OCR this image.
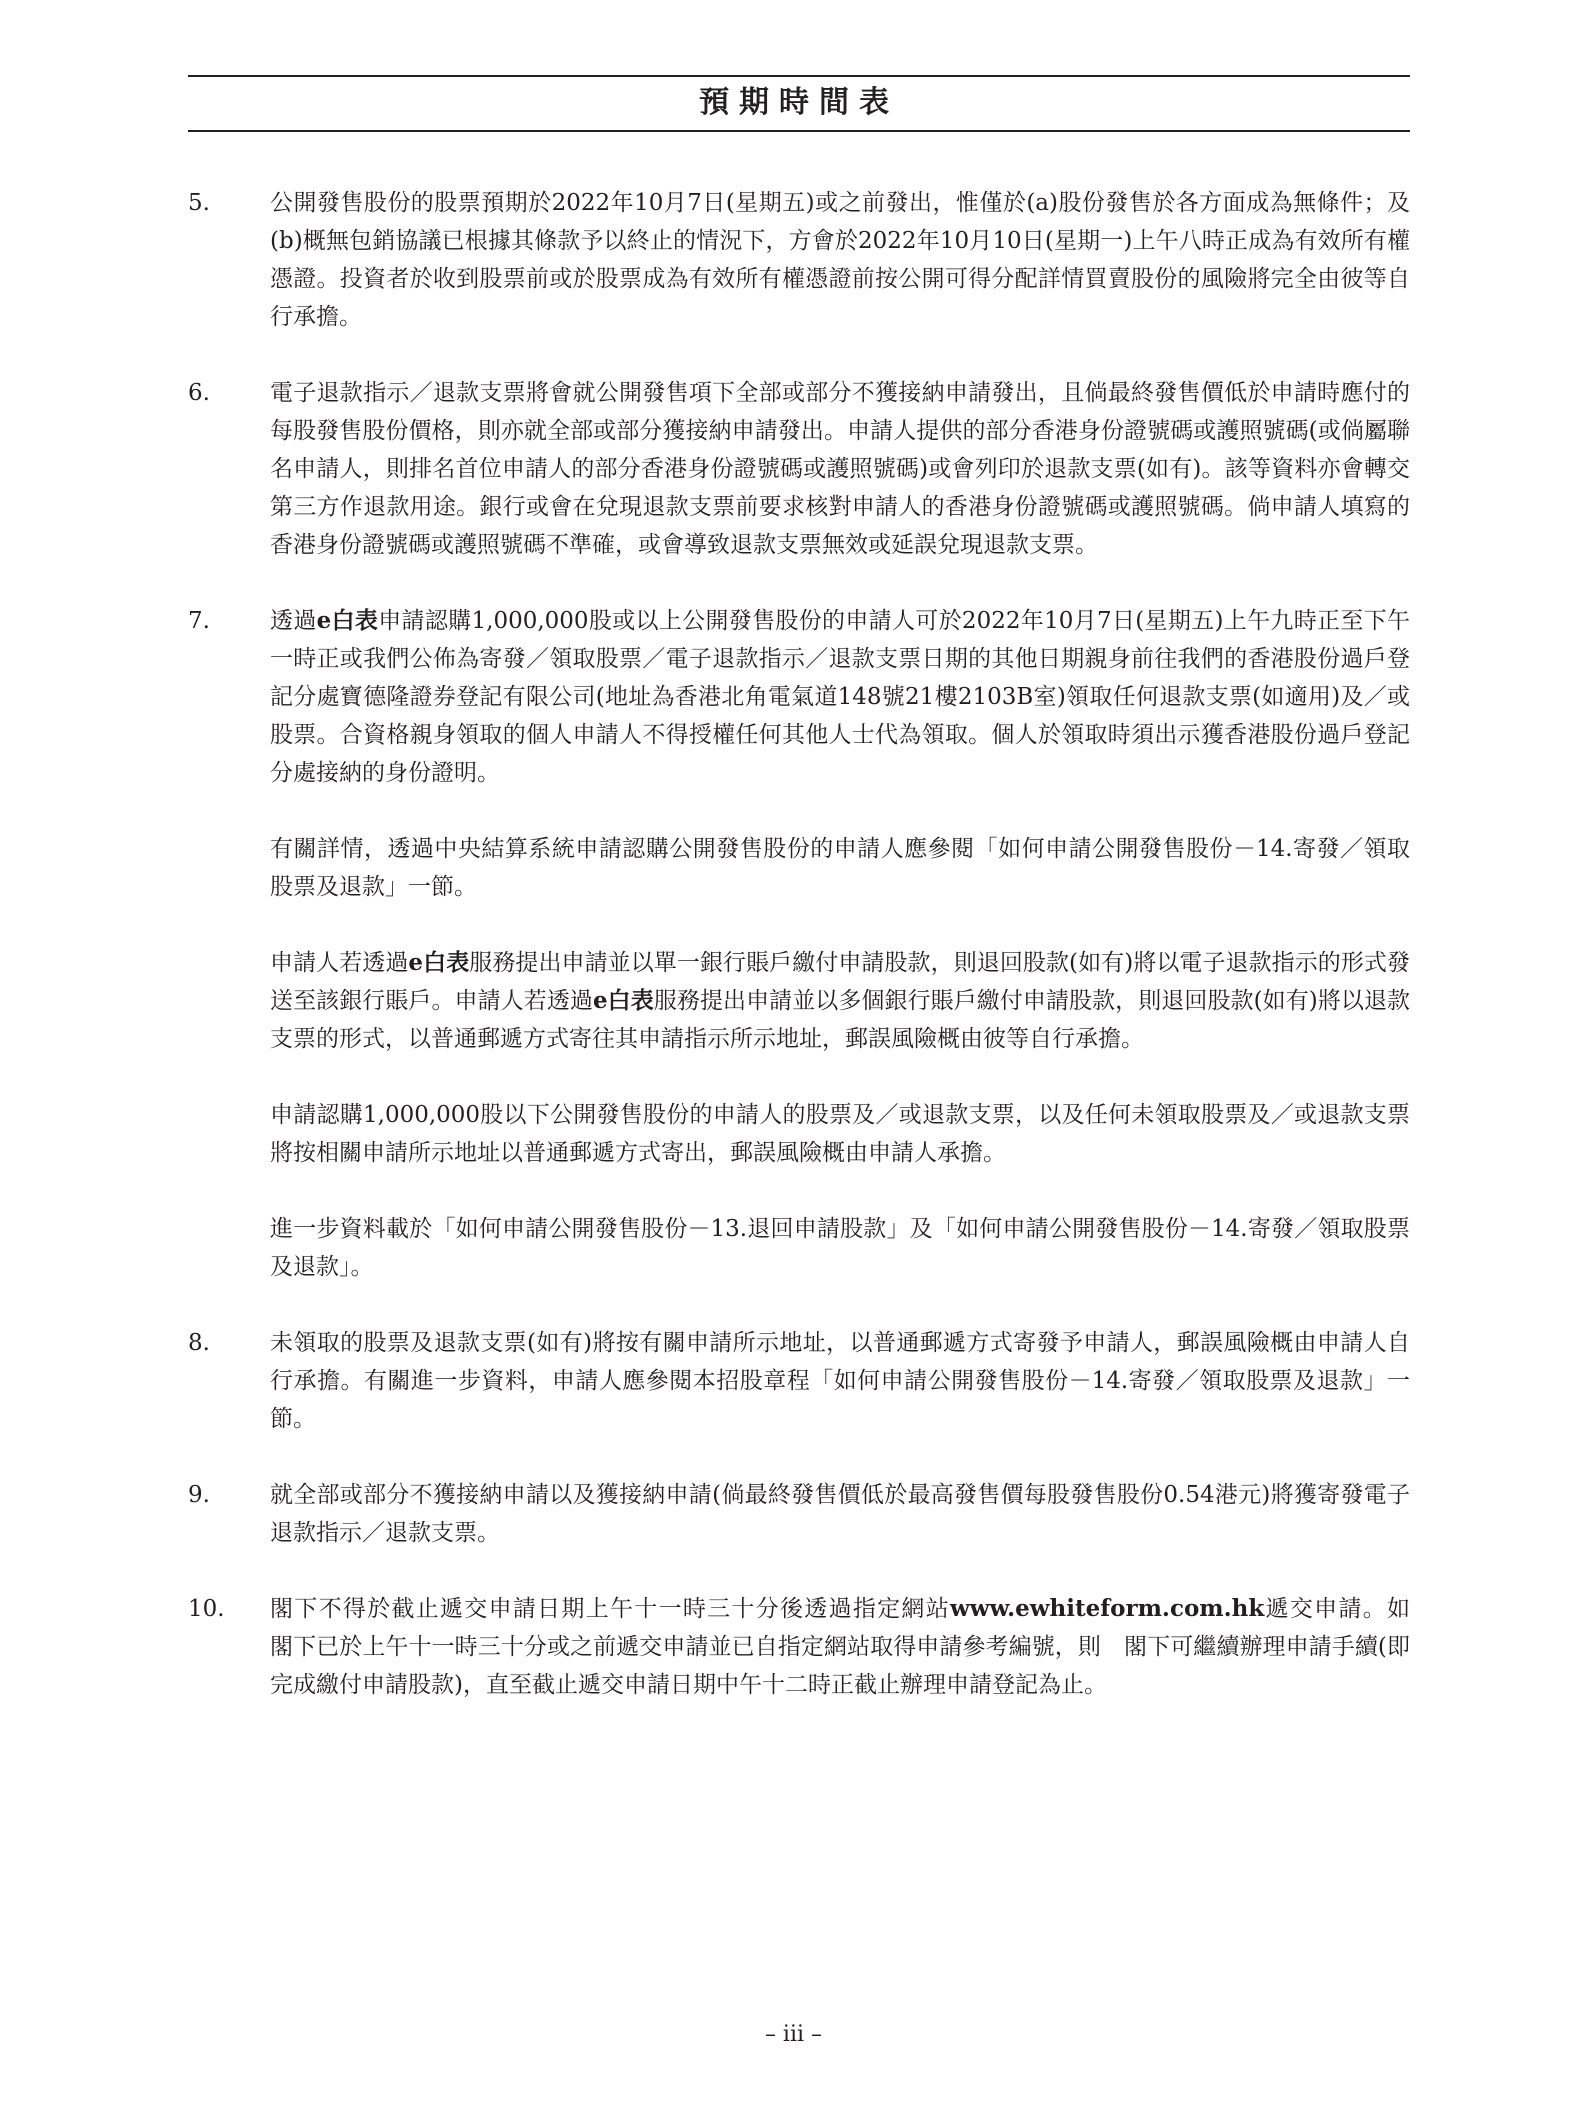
預期時間表
5.	公開發售股份的股票預期於2022年10月7日(星期五)或之前發出，惟僅於(a)股份發售於各方面成為無條件；及(b)概無包銷協議已根據其條款予以終止的情況下，方會於2022年10月10日(星期一)上午八時正成為有效所有權憑證。投資者於收到股票前或於股票成為有效所有權憑證前按公開可得分配詳情買賣股份的風險將完全由彼等自行承擔。

6.	電子退款指示／退款支票將會就公開發售項下全部或部分不獲接納申請發出，且倘最終發售價低於申請時應付的每股發售股份價格，則亦就全部或部分獲接納申請發出。申請人提供的部分香港身份證號碼或護照號碼(或倘屬聯名申請人，則排名首位申請人的部分香港身份證號碼或護照號碼)或會列印於退款支票(如有)。該等資料亦會轉交第三方作退款用途。銀行或會在兌現退款支票前要求核對申請人的香港身份證號碼或護照號碼。倘申請人填寫的香港身份證號碼或護照號碼不準確，或會導致退款支票無效或延誤兌現退款支票。

7.	透過e白表申請認購1,000,000股或以上公開發售股份的申請人可於2022年10月7日(星期五)上午九時正至下午一時正或我們公佈為寄發／領取股票／電子退款指示／退款支票日期的其他日期親身前往我們的香港股份過戶登記分處寶德隆證券登記有限公司(地址為香港北角電氣道148號21樓2103B室)領取任何退款支票(如適用)及／或股票。合資格親身領取的個人申請人不得授權任何其他人士代為領取。個人於領取時須出示獲香港股份過戶登記分處接納的身份證明。

有關詳情，透過中央結算系統申請認購公開發售股份的申請人應參閱「如何申請公開發售股份－14.寄發／領取股票及退款」一節。

申請人若透過e白表服務提出申請並以單一銀行賬戶繳付申請股款，則退回股款(如有)將以電子退款指示的形式發送至該銀行賬戶。申請人若透過e白表服務提出申請並以多個銀行賬戶繳付申請股款，則退回股款(如有)將以退款支票的形式，以普通郵遞方式寄往其申請指示所示地址，郵誤風險概由彼等自行承擔。

申請認購1,000,000股以下公開發售股份的申請人的股票及／或退款支票，以及任何未領取股票及／或退款支票將按相關申請所示地址以普通郵遞方式寄出，郵誤風險概由申請人承擔。

進一步資料載於「如何申請公開發售股份－13.退回申請股款」及「如何申請公開發售股份－14.寄發／領取股票及退款」。

8.	未領取的股票及退款支票(如有)將按有關申請所示地址，以普通郵遞方式寄發予申請人，郵誤風險概由申請人自行承擔。有關進一步資料，申請人應參閱本招股章程「如何申請公開發售股份－14.寄發／領取股票及退款」一節。

9.	就全部或部分不獲接納申請以及獲接納申請(倘最終發售價低於最高發售價每股發售股份0.54港元)將獲寄發電子退款指示／退款支票。

10.	閣下不得於截止遞交申請日期上午十一時三十分後透過指定網站www.ewhiteform.com.hk遞交申請。如　閣下已於上午十一時三十分或之前遞交申請並已自指定網站取得申請參考編號，則　閣下可繼續辦理申請手續(即完成繳付申請股款)，直至截止遞交申請日期中午十二時正截止辦理申請登記為止。

– iii –
